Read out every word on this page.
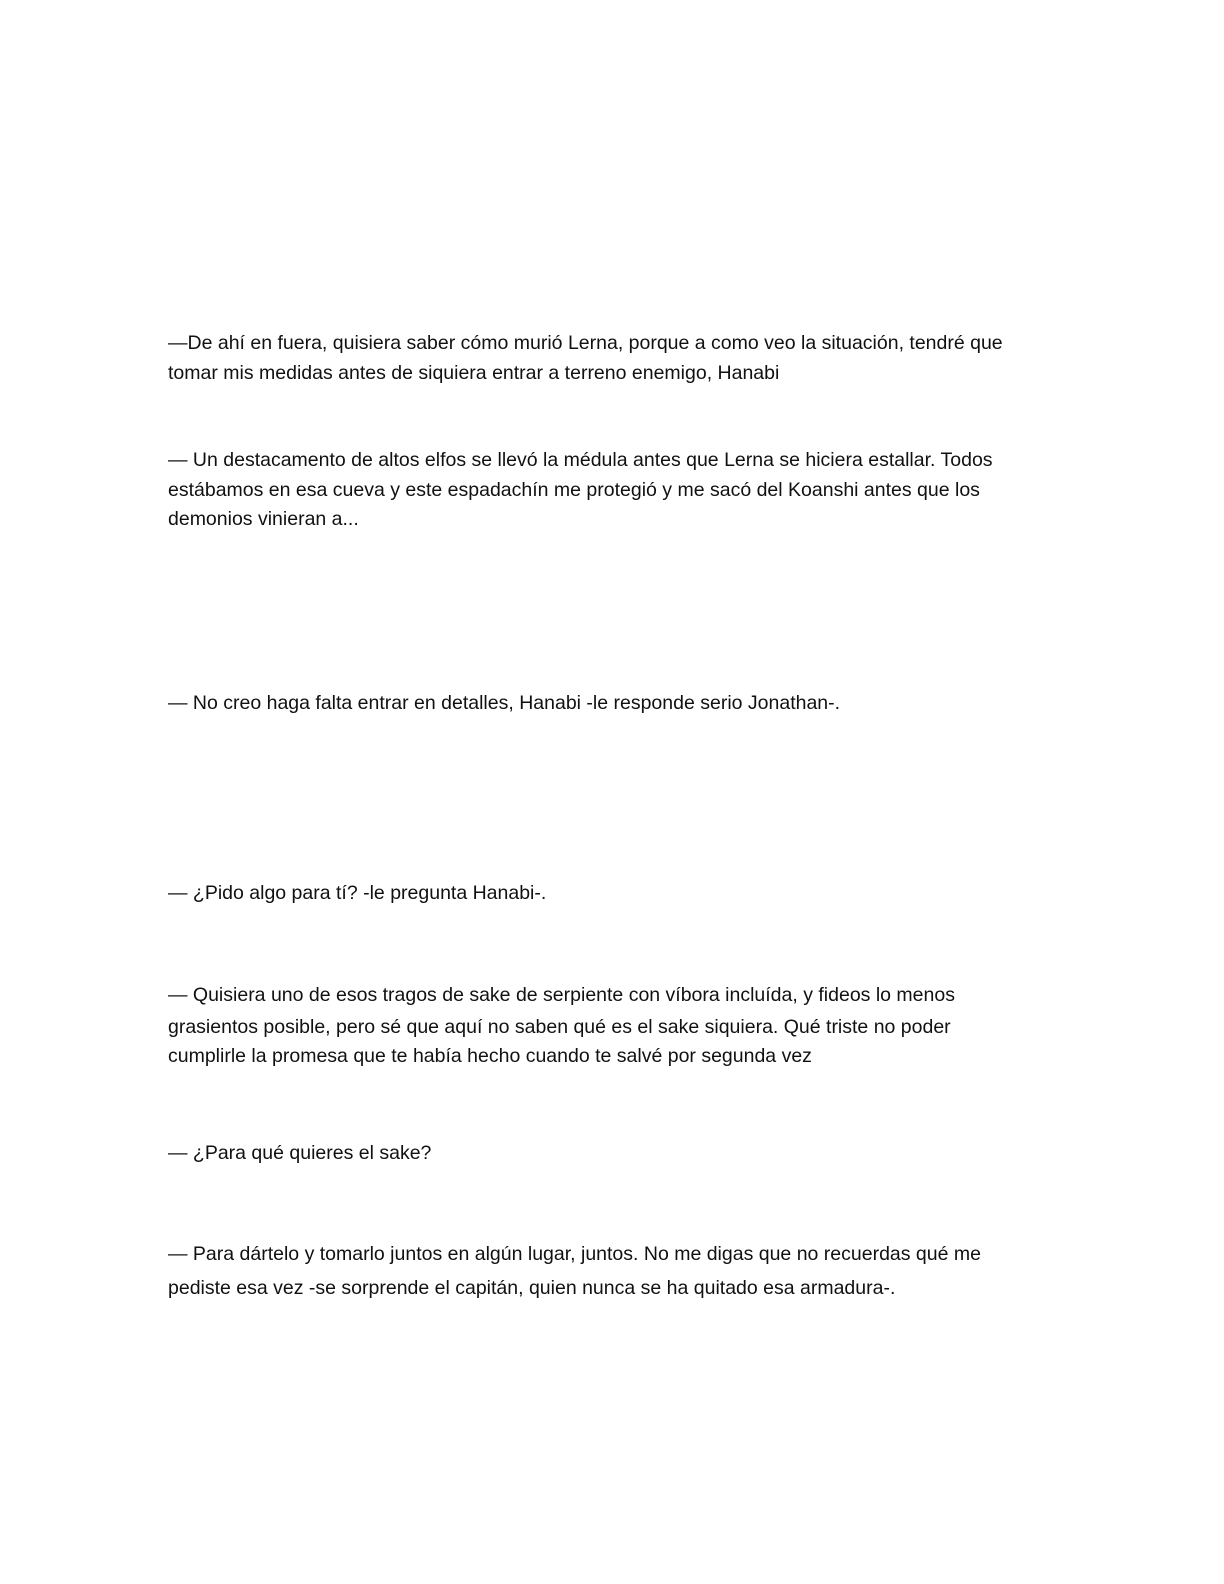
—De ahí en fuera, quisiera saber cómo murió Lerna, porque a como veo la situación, tendré que

tomar mis medidas antes de siquiera entrar a terreno enemigo, Hanabi

— Un destacamento de altos elfos se llevó la médula antes que Lerna se hiciera estallar. Todos

estábamos en esa cueva y este espadachín me protegió y me sacó del Koanshi antes que los

demonios vinieran a...

— No creo haga falta entrar en detalles, Hanabi -le responde serio Jonathan-.

— ¿Pido algo para tí? -le pregunta Hanabi-.

— Quisiera uno de esos tragos de sake de serpiente con víbora incluída, y fideos lo menos

grasientos posible, pero sé que aquí no saben qué es el sake siquiera. Qué triste no poder

cumplirle la promesa que te había hecho cuando te salvé por segunda vez

— ¿Para qué quieres el sake?

— Para dártelo y tomarlo juntos en algún lugar, juntos. No me digas que no recuerdas qué me

pediste esa vez -se sorprende el capitán, quien nunca se ha quitado esa armadura-.
